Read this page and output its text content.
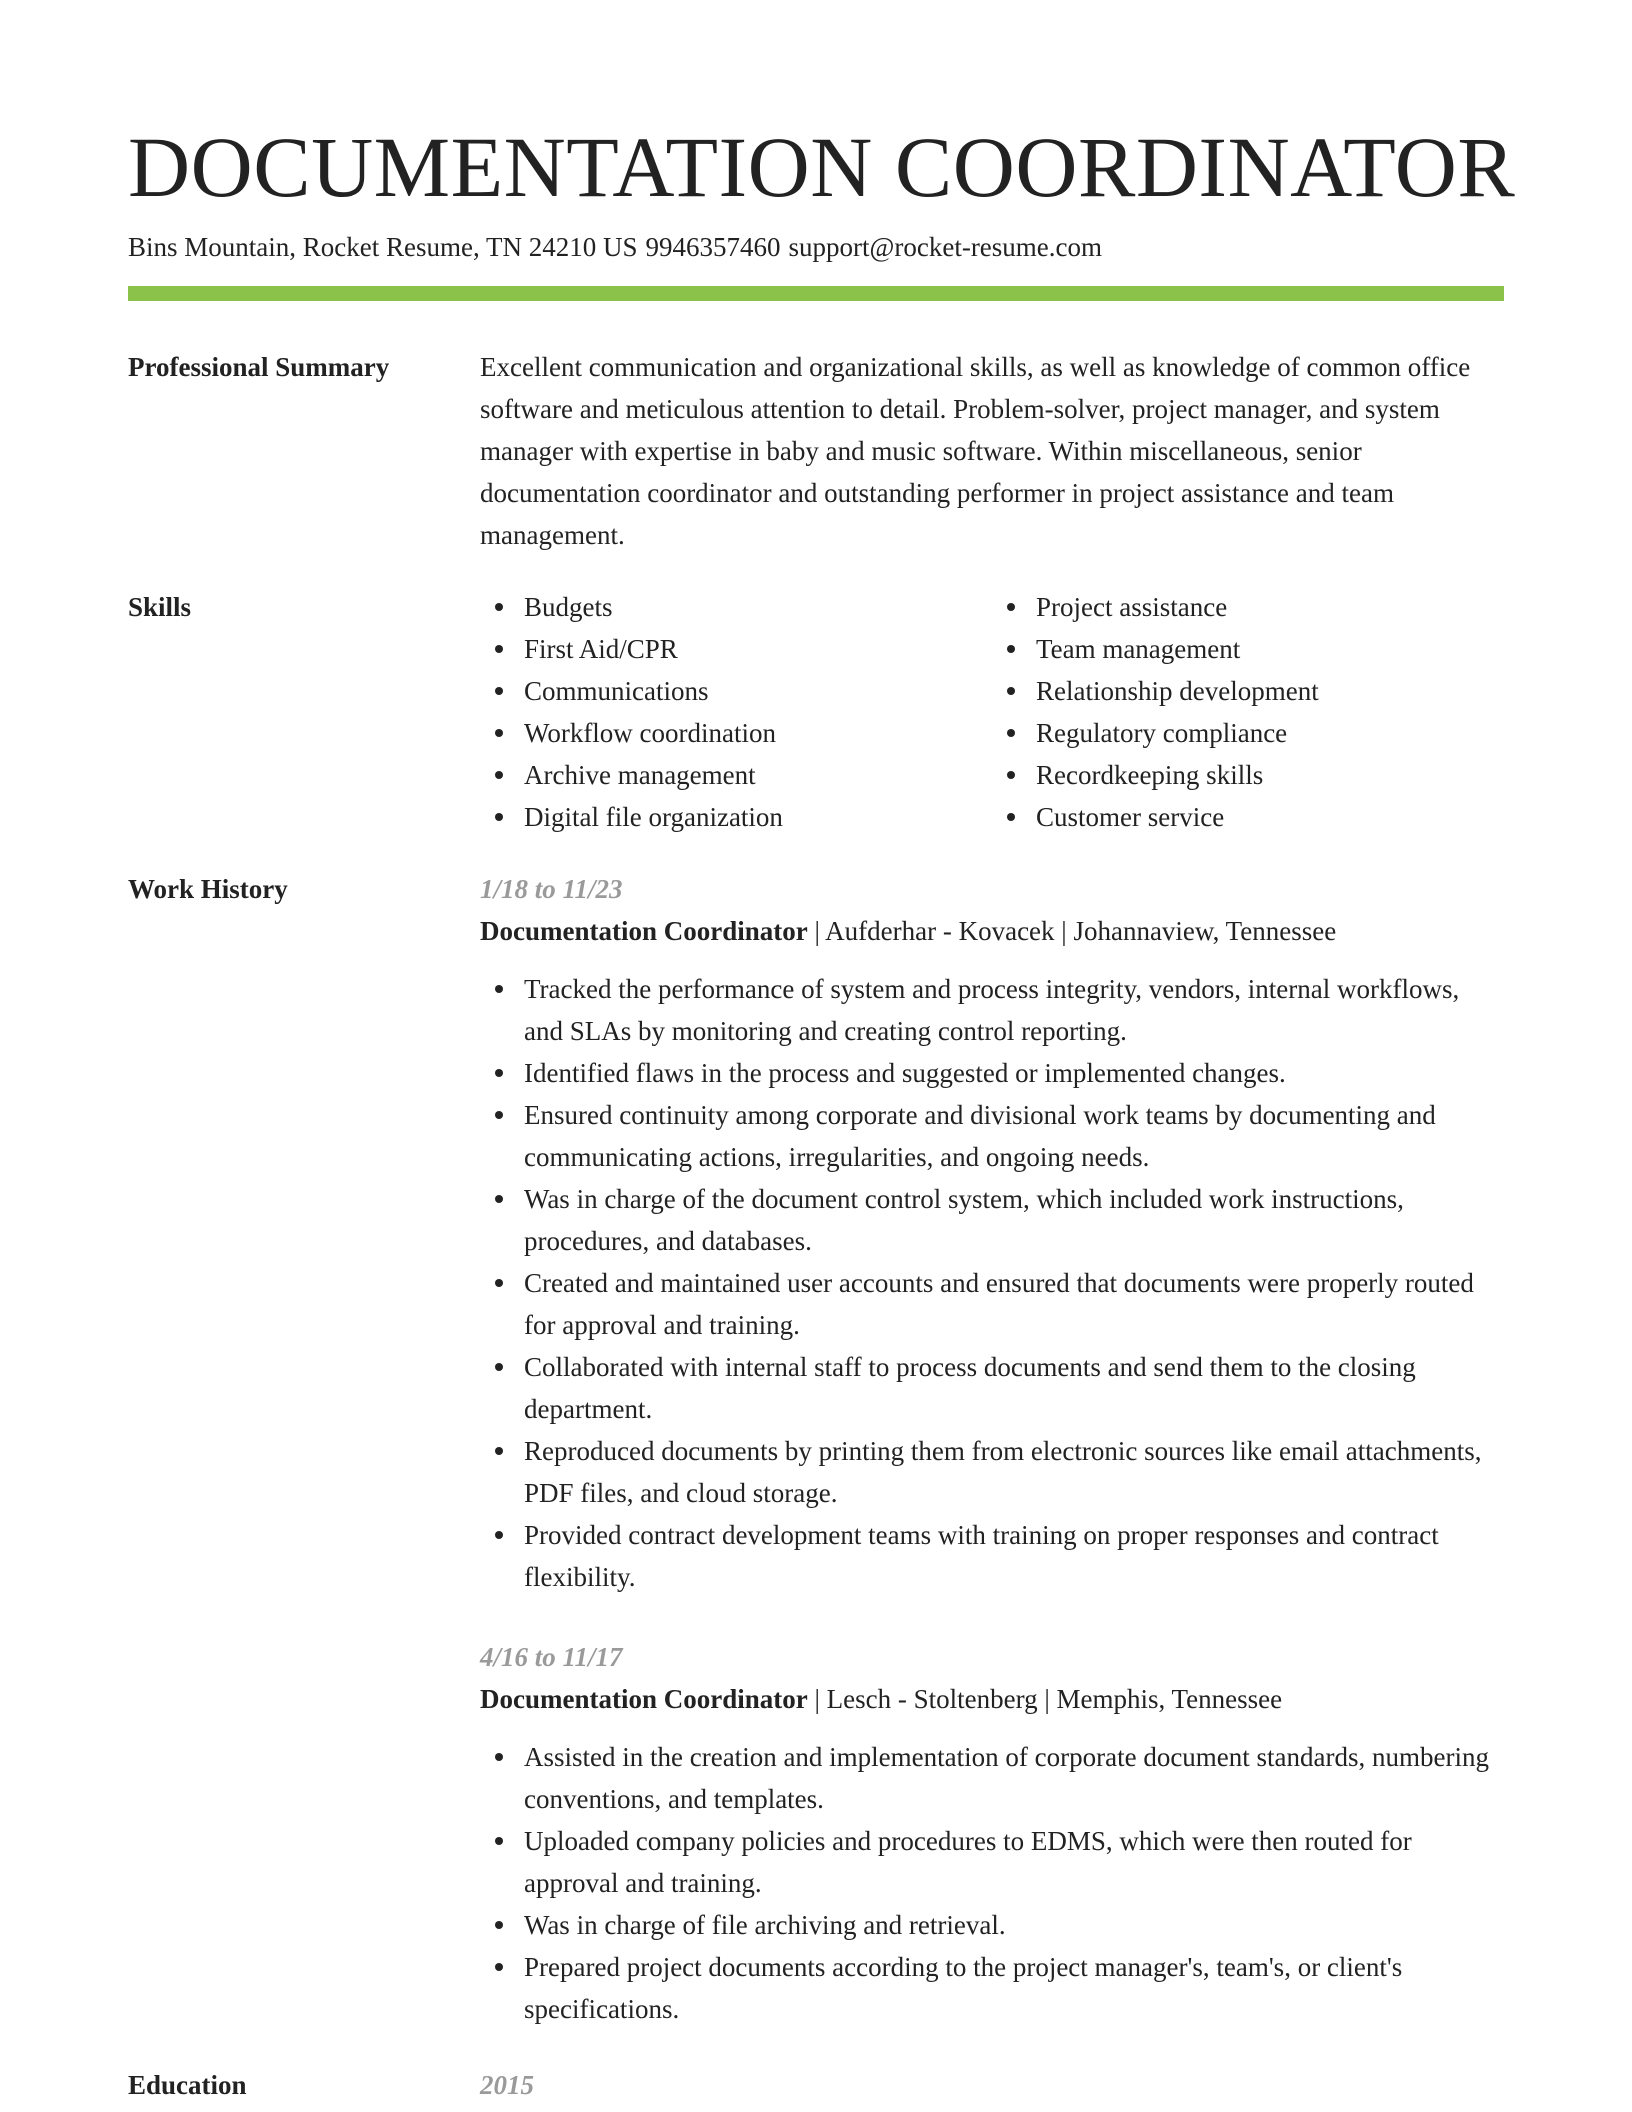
DOCUMENTATION COORDINATOR
Bins Mountain, Rocket Resume, TN 24210 US 9946357460 support@rocket-resume.com
Professional Summary	Excellent communication and organizational skills, as well as knowledge of common office software and meticulous attention to detail. Problem-solver, project manager, and system manager with expertise in baby and music software. Within miscellaneous, senior documentation coordinator and outstanding performer in project assistance and team management.

Skills	Budgets
First Aid/CPR
Communications
Workflow coordination
Archive management
Digital file organization
Project assistance
Team management
Relationship development
Regulatory compliance
Recordkeeping skills
Customer service
Work History	1/18 to 11/23

Documentation Coordinator | Aufderhar - Kovacek | Johannaview, Tennessee

Tracked the performance of system and process integrity, vendors, internal workflows, and SLAs by monitoring and creating control reporting.
Identified flaws in the process and suggested or implemented changes.
Ensured continuity among corporate and divisional work teams by documenting and communicating actions, irregularities, and ongoing needs.
Was in charge of the document control system, which included work instructions, procedures, and databases.
Created and maintained user accounts and ensured that documents were properly routed for approval and training.
Collaborated with internal staff to process documents and send them to the closing department.
Reproduced documents by printing them from electronic sources like email attachments, PDF files, and cloud storage.
Provided contract development teams with training on proper responses and contract flexibility.

4/16 to 11/17

Documentation Coordinator | Lesch - Stoltenberg | Memphis, Tennessee

Assisted in the creation and implementation of corporate document standards, numbering conventions, and templates.
Uploaded company policies and procedures to EDMS, which were then routed for approval and training.
Was in charge of file archiving and retrieval.
Prepared project documents according to the project manager's, team's, or client's specifications.
Education	2015
